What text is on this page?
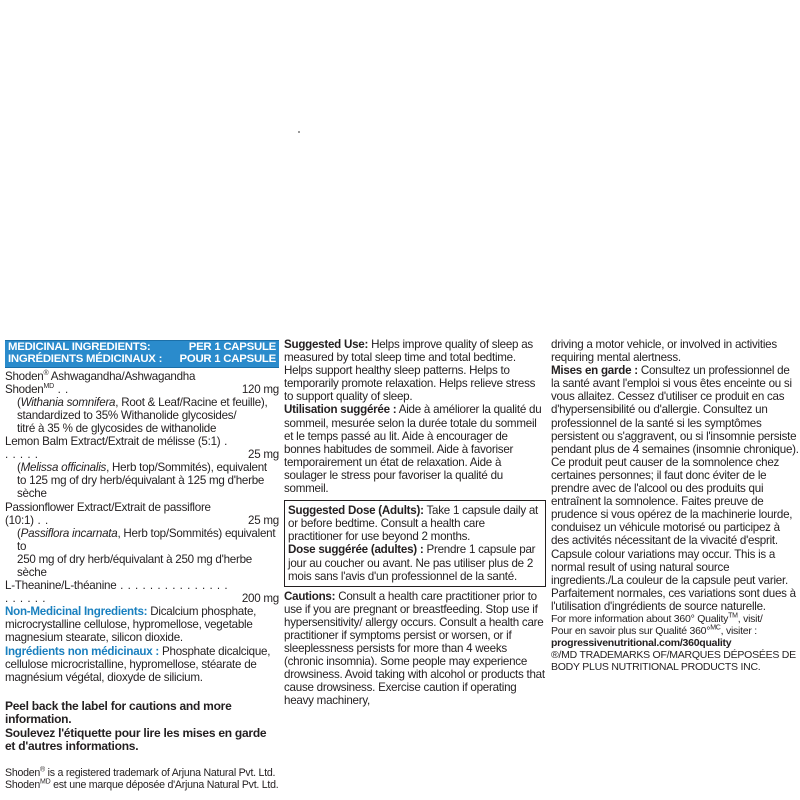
MEDICINAL INGREDIENTS:	PER 1 CAPSULE
INGRÉDIENTS MÉDICINAUX : POUR 1 CAPSULE
Shoden® Ashwagandha/Ashwagandha Shoden$^{MD}$ . .	120 mg
(Withania somnifera, Root & Leaf/Racine et feuille),
standardized to 35% Withanolide glycosides/
titré à 35 % de glycosides de withanolide
Lemon Balm Extract/Extrait de mélisse (5:1) . . . . . .	25 mg
(Melissa officinalis, Herb top/Sommités), equivalent
to 125 mg of dry herb/équivalant à 125 mg d'herbe sèche
Passionflower Extract/Extrait de passiflore (10:1) . .	25 mg
(Passiflora incarnata, Herb top/Sommités) equivalent to
250 mg of dry herb/équivalant à 250 mg d'herbe sèche
L-Theanine/L-théanine . . . . . . . . . . . . . . . . . . . . .	200 mg

Non-Medicinal Ingredients: Dicalcium phosphate, microcrystalline cellulose, hypromellose, vegetable magnesium stearate, silicon dioxide.

Ingrédients non médicinaux : Phosphate dicalcique, cellulose microcristalline, hypromellose, stéarate de magnésium végétal, dioxyde de silicium.

Peel back the label for cautions and more information.
Soulevez l'étiquette pour lire les mises en garde et d'autres informations.
Shoden® is a registered trademark of Arjuna Natural Pvt. Ltd.
Shoden$^{MD}$ est une marque déposée d'Arjuna Natural Pvt. Ltd.

Suggested Use: Helps improve quality of sleep as measured by total sleep time and total bedtime. Helps support healthy sleep patterns. Helps to temporarily promote relaxation. Helps relieve stress to support quality of sleep.

Utilisation suggérée : Aide à améliorer la qualité du sommeil, mesurée selon la durée totale du sommeil et le temps passé au lit. Aide à encourager de bonnes habitudes de sommeil. Aide à favoriser temporairement un état de relaxation. Aide à soulager le stress pour favoriser la qualité du sommeil.

Suggested Dose (Adults): Take 1 capsule daily at or before bedtime. Consult a health care practitioner for use beyond 2 months.

Dose suggérée (adultes) : Prendre 1 capsule par jour au coucher ou avant. Ne pas utiliser plus de 2 mois sans l'avis d'un professionnel de la santé.

Cautions: Consult a health care practitioner prior to use if you are pregnant or breastfeeding. Stop use if hypersensitivity/ allergy occurs. Consult a health care practitioner if symptoms persist or worsen, or if sleeplessness persists for more than 4 weeks (chronic insomnia). Some people may experience drowsiness. Avoid taking with alcohol or products that cause drowsiness. Exercise caution if operating heavy machinery,

driving a motor vehicle, or involved in activities requiring mental alertness.

Mises en garde : Consultez un professionnel de la santé avant l'emploi si vous êtes enceinte ou si vous allaitez. Cessez d'utiliser ce produit en cas d'hypersensibilité ou d'allergie. Consultez un professionnel de la santé si les symptômes persistent ou s'aggravent, ou si l'insomnie persiste pendant plus de 4 semaines (insomnie chronique). Ce produit peut causer de la somnolence chez certaines personnes; il faut donc éviter de le prendre avec de l'alcool ou des produits qui entraînent la somnolence. Faites preuve de prudence si vous opérez de la machinerie lourde, conduisez un véhicule motorisé ou participez à des activités nécessitant de la vivacité d'esprit.

Capsule colour variations may occur. This is a normal result of using natural source ingredients./La couleur de la capsule peut varier. Parfaitement normales, ces variations sont dues à l'utilisation d'ingrédients de source naturelle.

For more information about 360° Quality™, visit/
Pour en savoir plus sur Qualité 360°$^{MC}$, visiter :
progressivenutritional.com/360quality
®/MD TRADEMARKS OF/MARQUES DÉPOSÉES DE BODY PLUS NUTRITIONAL PRODUCTS INC.
